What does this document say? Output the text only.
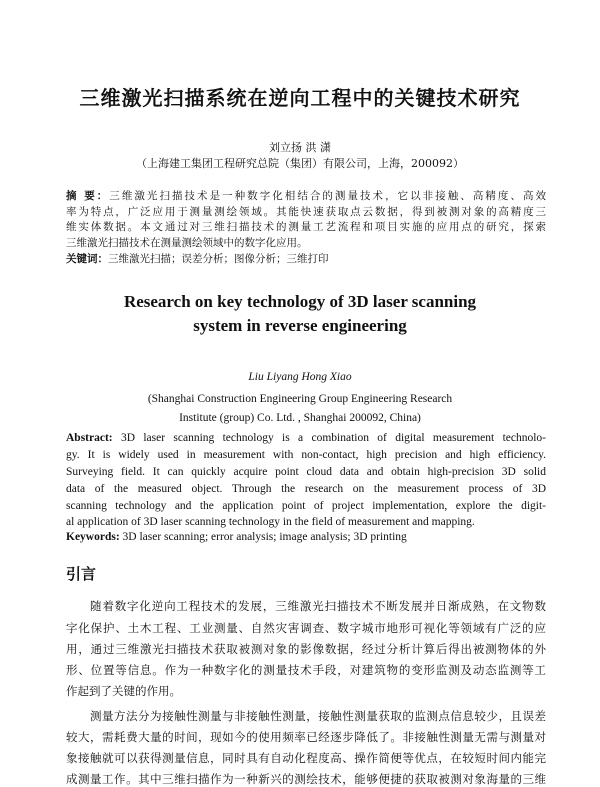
三维激光扫描系统在逆向工程中的关键技术研究
刘立扬 洪 潇
（上海建工集团工程研究总院（集团）有限公司，上海，200092）
摘 要：三维激光扫描技术是一种数字化相结合的测量技术，它以非接触、高精度、高效
率为特点，广泛应用于测量测绘领域。其能快速获取点云数据，得到被测对象的高精度三
维实体数据。本文通过对三维扫描技术的测量工艺流程和项目实施的应用点的研究，探索
三维激光扫描技术在测量测绘领域中的数字化应用。
关键词：三维激光扫描；误差分析；图像分析；三维打印
Research on key technology of 3D laser scanning
system in reverse engineering
Liu Liyang Hong Xiao
(Shanghai Construction Engineering Group Engineering Research
Institute (group) Co. Ltd. , Shanghai 200092, China)
Abstract: 3D laser scanning technology is a combination of digital measurement technolo-
gy. It is widely used in measurement with non-contact, high precision and high efficiency.
Surveying field. It can quickly acquire point cloud data and obtain high-precision 3D solid
data of the measured object. Through the research on the measurement process of 3D
scanning technology and the application point of project implementation, explore the digit-
al application of 3D laser scanning technology in the field of measurement and mapping.
Keywords: 3D laser scanning; error analysis; image analysis; 3D printing
引言
随着数字化逆向工程技术的发展，三维激光扫描技术不断发展并日渐成熟，在文物数
字化保护、土木工程、工业测量、自然灾害调查、数字城市地形可视化等领域有广泛的应
用，通过三维激光扫描技术获取被测对象的影像数据，经过分析计算后得出被测物体的外
形、位置等信息。作为一种数字化的测量技术手段，对建筑物的变形监测及动态监测等工
作起到了关键的作用。
测量方法分为接触性测量与非接触性测量，接触性测量获取的监测点信息较少，且误差
较大，需耗费大量的时间，现如今的使用频率已经逐步降低了。非接触性测量无需与测量对
象接触就可以获得测量信息，同时具有自动化程度高、操作简便等优点，在较短时间内能完
成测量工作。其中三维扫描作为一种新兴的测绘技术，能够便捷的获取被测对象海量的三维
